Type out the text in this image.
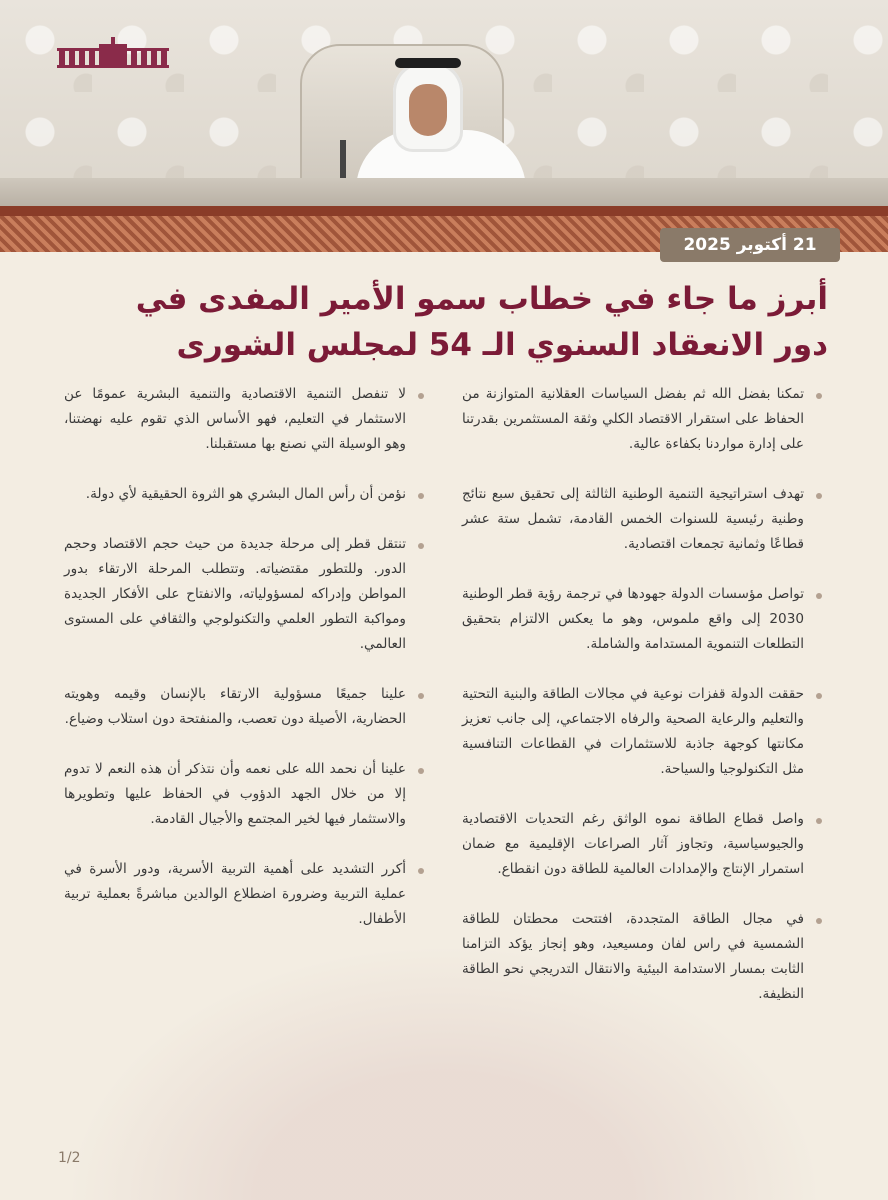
21 أكتوبر 2025
أبرز ما جاء في خطاب سمو الأمير المفدى في
دور الانعقاد السنوي الـ 54 لمجلس الشورى

تمكنا بفضل الله ثم بفضل السياسات العقلانية المتوازنة من الحفاظ على استقرار الاقتصاد الكلي وثقة المستثمرين بقدرتنا على إدارة مواردنا بكفاءة عالية.

تهدف استراتيجية التنمية الوطنية الثالثة إلى تحقيق سبع نتائج وطنية رئيسية للسنوات الخمس القادمة، تشمل ستة عشر قطاعًا وثمانية تجمعات اقتصادية.

تواصل مؤسسات الدولة جهودها في ترجمة رؤية قطر الوطنية 2030 إلى واقع ملموس، وهو ما يعكس الالتزام بتحقيق التطلعات التنموية المستدامة والشاملة.

حققت الدولة قفزات نوعية في مجالات الطاقة والبنية التحتية والتعليم والرعاية الصحية والرفاه الاجتماعي، إلى جانب تعزيز مكانتها كوجهة جاذبة للاستثمارات في القطاعات التنافسية مثل التكنولوجيا والسياحة.

واصل قطاع الطاقة نموه الواثق رغم التحديات الاقتصادية والجيوسياسية، وتجاوز آثار الصراعات الإقليمية مع ضمان استمرار الإنتاج والإمدادات العالمية للطاقة دون انقطاع.

في مجال الطاقة المتجددة، افتتحت محطتان للطاقة الشمسية في راس لفان ومسيعيد، وهو إنجاز يؤكد التزامنا الثابت بمسار الاستدامة البيئية والانتقال التدريجي نحو الطاقة النظيفة.

لا تنفصل التنمية الاقتصادية والتنمية البشرية عمومًا عن الاستثمار في التعليم، فهو الأساس الذي تقوم عليه نهضتنا، وهو الوسيلة التي نصنع بها مستقبلنا.

نؤمن أن رأس المال البشري هو الثروة الحقيقية لأي دولة.

تنتقل قطر إلى مرحلة جديدة من حيث حجم الاقتصاد وحجم الدور. وللتطور مقتضياته. وتتطلب المرحلة الارتقاء بدور المواطن وإدراكه لمسؤولياته، والانفتاح على الأفكار الجديدة ومواكبة التطور العلمي والتكنولوجي والثقافي على المستوى العالمي.

علينا جميعًا مسؤولية الارتقاء بالإنسان وقيمه وهويته الحضارية، الأصيلة دون تعصب، والمنفتحة دون استلاب وضياع.

علينا أن نحمد الله على نعمه وأن نتذكر أن هذه النعم لا تدوم إلا من خلال الجهد الدؤوب في الحفاظ عليها وتطويرها والاستثمار فيها لخير المجتمع والأجيال القادمة.

أكرر التشديد على أهمية التربية الأسرية، ودور الأسرة في عملية التربية وضرورة اضطلاع الوالدين مباشرةً بعملية تربية الأطفال.

1/2
